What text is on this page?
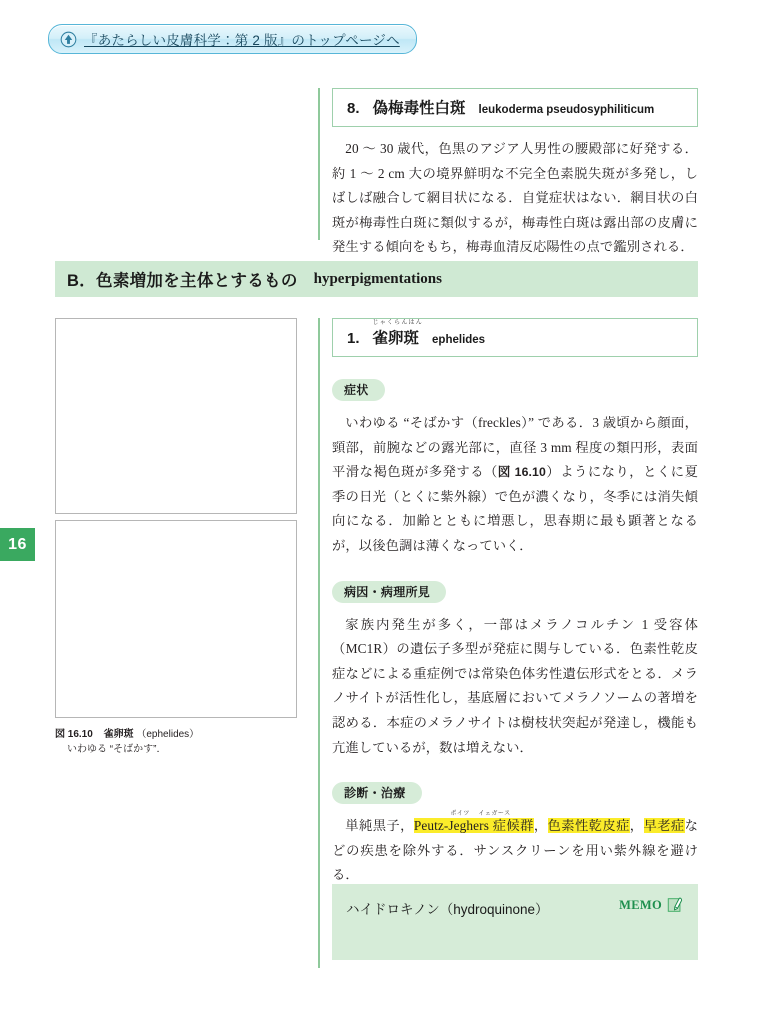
『あたらしい皮膚科学：第 2 版』のトップページへ
16
8. 偽梅毒性白斑 leukoderma pseudosyphiliticum

20 〜 30 歳代，色黒のアジア人男性の腰殿部に好発する．約 1 〜 2 cm 大の境界鮮明な不完全色素脱失斑が多発し，しばしば融合して網目状になる．自覚症状はない．網目状の白斑が梅毒性白斑に類似するが，梅毒性白斑は露出部の皮膚に発生する傾向をもち，梅毒血清反応陽性の点で鑑別される．

B．色素増加を主体とするもの hyperpigmentations
図 16.10 雀卵斑 （ephelides）
いわゆる “そばかす”．
1.
じゃくらんはん
雀卵斑 ephelides
症状

いわゆる “そばかす（freckles）” である．3 歳頃から顔面，頸部，前腕などの露光部に，直径 3 mm 程度の類円形，表面平滑な褐色斑が多発する（図 16.10）ようになり，とくに夏季の日光（とくに紫外線）で色が濃くなり，冬季には消失傾向になる．加齢とともに増悪し，思春期に最も顕著となるが，以後色調は薄くなっていく．

病因・病理所見

家族内発生が多く，一部はメラノコルチン 1 受容体（MC1R）の遺伝子多型が発症に関与している．色素性乾皮症などによる重症例では常染色体劣性遺伝形式をとる．メラノサイトが活性化し，基底層においてメラノソームの著増を認める．本症のメラノサイトは樹枝状突起が発達し，機能も亢進しているが，数は増えない．

診断・治療

単純黒子，
ポイツ イェガース
Peutz-Jeghers 症候群，色素性乾皮症，早老症などの疾患を除外する．サンスクリーンを用い紫外線を避ける．

ハイドロキノン（hydroquinone）	MEMO
